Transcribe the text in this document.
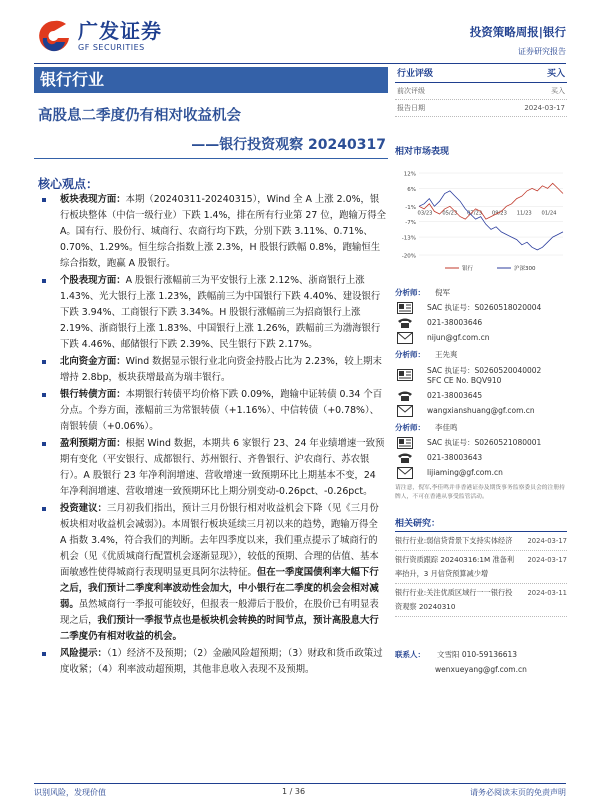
广发证券
GF SECURITIES
投资策略周报|银行
证券研究报告
银行行业
高股息二季度仍有相对收益机会
——银行投资观察 20240317
核心观点：
板块表现方面：本期（20240311-20240315），Wind 全 A 上涨 2.0%，银行板块整体（中信一级行业）下跌 1.4%，排在所有行业第 27 位，跑输万得全 A。国有行、股份行、城商行、农商行均下跌，分别下跌 3.11%、0.71%、0.70%、1.29%。恒生综合指数上涨 2.3%，H 股银行跌幅 0.8%，跑输恒生综合指数，跑赢 A 股银行。
个股表现方面：A 股银行涨幅前三为平安银行上涨 2.12%、浙商银行上涨 1.43%、光大银行上涨 1.23%，跌幅前三为中国银行下跌 4.40%、建设银行下跌 3.94%、工商银行下跌 3.34%。H 股银行涨幅前三为招商银行上涨 2.19%、浙商银行上涨 1.83%、中国银行上涨 1.26%，跌幅前三为渤海银行下跌 4.46%、邮储银行下跌 2.39%、民生银行下跌 2.17%。
北向资金方面：Wind 数据显示银行业北向资金持股占比为 2.23%，较上期末增持 2.8bp，板块获增最高为瑞丰银行。
银行转债方面：本期银行转债平均价格下跌 0.09%，跑输中证转债 0.34 个百分点。个券方面，涨幅前三为常银转债（+1.16%）、中信转债（+0.78%）、南银转债（+0.06%）。
盈利预期方面：根据 Wind 数据，本期共 6 家银行 23、24 年业绩增速一致预期有变化（平安银行、成都银行、苏州银行、齐鲁银行、沪农商行、苏农银行）。A 股银行 23 年净利润增速、营收增速一致预期环比上期基本不变，24 年净利润增速、营收增速一致预期环比上期分别变动-0.26pct、-0.26pct。
投资建议：三月初我们指出，预计三月份银行相对收益机会下降（见《三月份板块相对收益机会减弱》)。本周银行板块延续三月初以来的趋势，跑输万得全 A 指数 3.4%，符合我们的判断。去年四季度以来，我们重点提示了城商行的机会（见《优质城商行配置机会逐渐显现》），较低的预期、合理的估值、基本面敏感性使得城商行表现明显更具阿尔法特征。但在一季度国债利率大幅下行之后，我们预计二季度利率波动性会加大，中小银行在二季度的机会会相对减弱。虽然城商行一季报可能较好，但报表一般滞后于股价，在股价已有明显表现之后，我们预计一季报节点也是板块机会转换的时间节点，预计高股息大行二季度仍有相对收益的机会。
风险提示：（1）经济不及预期；（2）金融风险超预期；（3）财政和货币政策过度收紧；（4）利率波动超预期，其他非息收入表现不及预期。
行业评级	买入
前次评级	买入
报告日期	2024-03-17
相对市场表现
12%
6%
-1%
-7%
-13%
-20%
03/23 05/23 07/23 09/23 11/23 01/24
银行	沪深300
分析师： 倪军
SAC 执证号：S0260518020004
021-38003646
nijun@gf.com.cn
分析师： 王先爽
SAC 执证号：S0260520040002
SFC CE No. BQV910
021-38003645
wangxianshuang@gf.com.cn
分析师： 李佳鸣
SAC 执证号：S0260521080001
021-38003643
lijiaming@gf.com.cn
请注意，倪军,李佳鸣并非香港证券及期货事务监察委员会的注册持牌人，不可在香港从事受监管活动。
相关研究：
银行行业:弱信贷背景下支持实体经济	2024-03-17
银行资质跟踪 20240316:1M 准备利率抬升，3 月信贷预算减少增
2024-03-17
银行行业:关注优质区域行一一银行投资观察 20240310
2024-03-11
联系人： 文雪阳 010-59136613
wenxueyang@gf.com.cn
识别风险，发现价值	1 / 36	请务必阅读末页的免责声明
